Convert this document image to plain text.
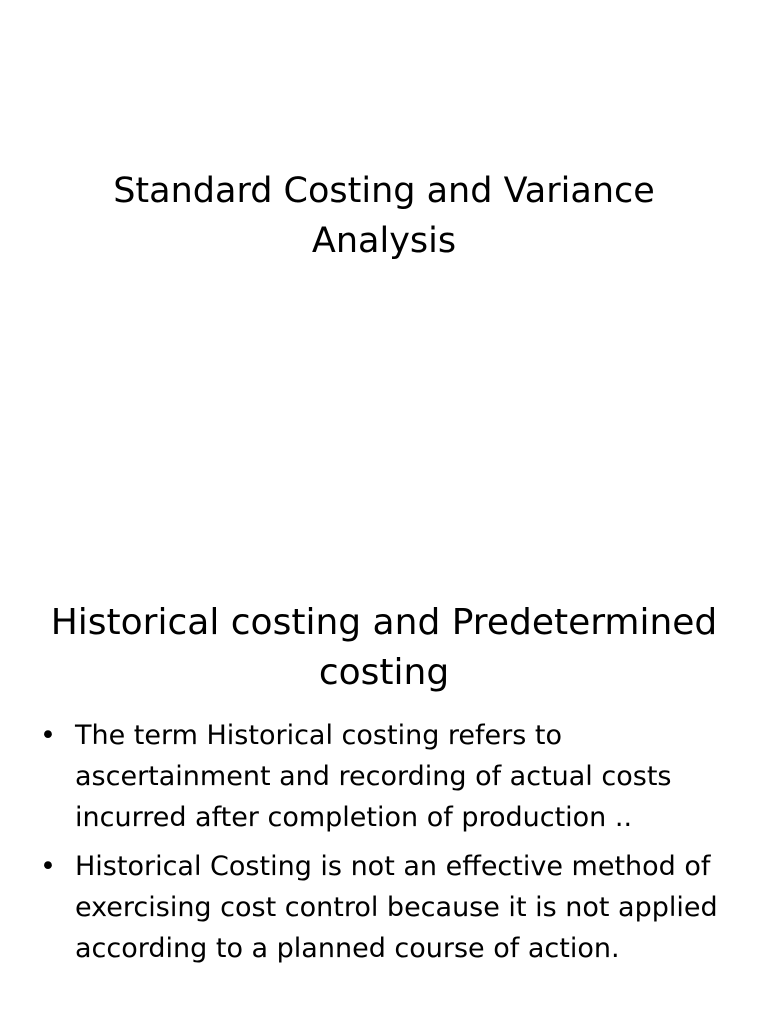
Standard Costing and Variance Analysis
Historical costing and Predetermined costing
• The term Historical costing refers to ascertainment and recording of actual costs incurred after completion of production ..
• Historical Costing is not an effective method of exercising cost control because it is not applied according to a planned course of action.
